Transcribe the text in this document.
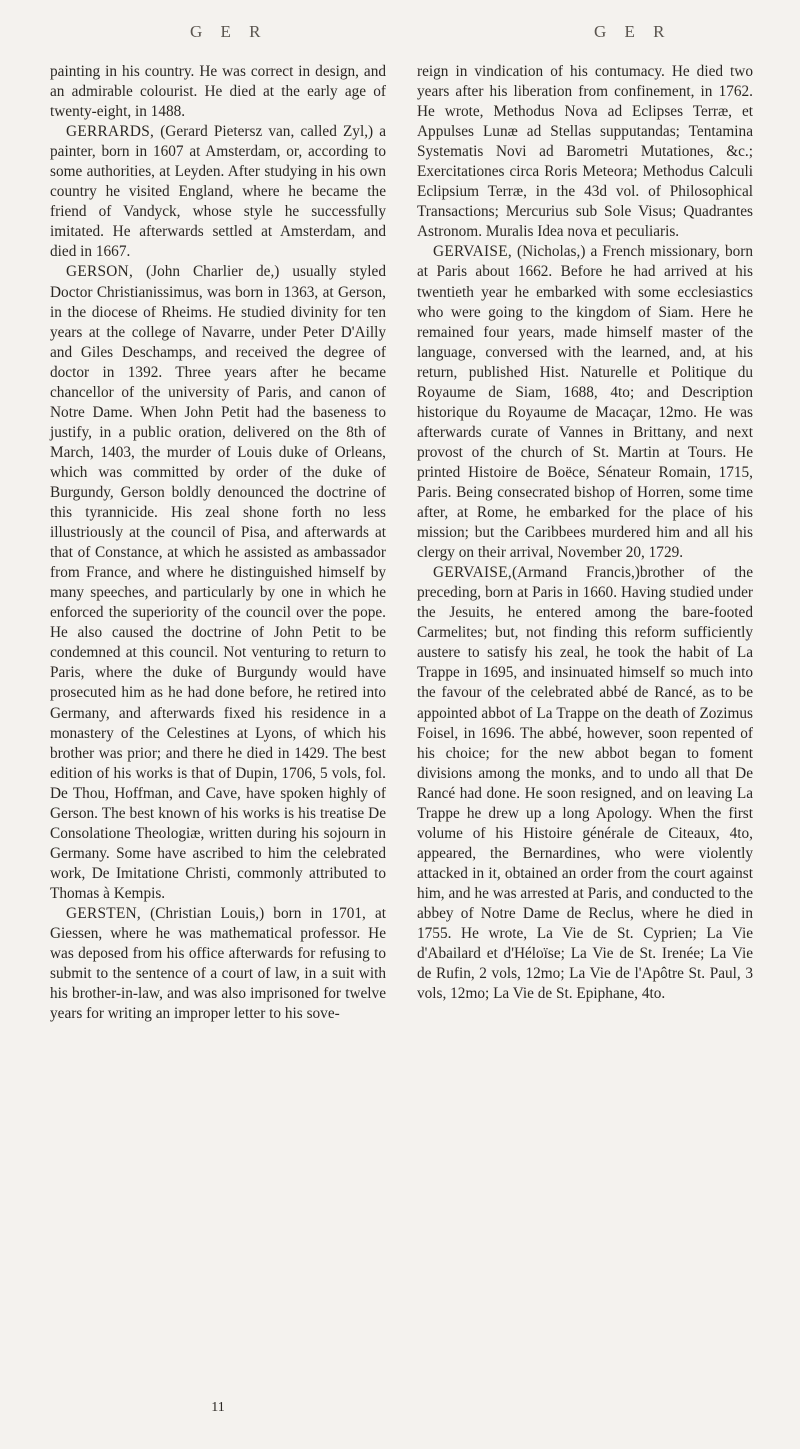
G E R	G E R

painting in his country. He was correct in design, and an admirable colourist. He died at the early age of twenty-eight, in 1488.

GERRARDS, (Gerard Pietersz van, called Zyl,) a painter, born in 1607 at Amsterdam, or, according to some authorities, at Leyden. After studying in his own country he visited England, where he became the friend of Vandyck, whose style he successfully imitated. He afterwards settled at Amsterdam, and died in 1667.

GERSON, (John Charlier de,) usually styled Doctor Christianissimus, was born in 1363, at Gerson, in the diocese of Rheims. He studied divinity for ten years at the college of Navarre, under Peter D'Ailly and Giles Deschamps, and received the degree of doctor in 1392. Three years after he became chancellor of the university of Paris, and canon of Notre Dame. When John Petit had the baseness to justify, in a public oration, delivered on the 8th of March, 1403, the murder of Louis duke of Orleans, which was committed by order of the duke of Burgundy, Gerson boldly denounced the doctrine of this tyrannicide. His zeal shone forth no less illustriously at the council of Pisa, and afterwards at that of Constance, at which he assisted as ambassador from France, and where he distinguished himself by many speeches, and particularly by one in which he enforced the superiority of the council over the pope. He also caused the doctrine of John Petit to be condemned at this council. Not venturing to return to Paris, where the duke of Burgundy would have prosecuted him as he had done before, he retired into Germany, and afterwards fixed his residence in a monastery of the Celestines at Lyons, of which his brother was prior; and there he died in 1429. The best edition of his works is that of Dupin, 1706, 5 vols, fol. De Thou, Hoffman, and Cave, have spoken highly of Gerson. The best known of his works is his treatise De Consolatione Theologiæ, written during his sojourn in Germany. Some have ascribed to him the celebrated work, De Imitatione Christi, commonly attributed to Thomas à Kempis.

GERSTEN, (Christian Louis,) born in 1701, at Giessen, where he was mathematical professor. He was deposed from his office afterwards for refusing to submit to the sentence of a court of law, in a suit with his brother-in-law, and was also imprisoned for twelve years for writing an improper letter to his sove-

11

reign in vindication of his contumacy. He died two years after his liberation from confinement, in 1762. He wrote, Methodus Nova ad Eclipses Terræ, et Appulses Lunæ ad Stellas supputandas; Tentamina Systematis Novi ad Barometri Mutationes, &c.; Exercitationes circa Roris Meteora; Methodus Calculi Eclipsium Terræ, in the 43d vol. of Philosophical Transactions; Mercurius sub Sole Visus; Quadrantes Astronom. Muralis Idea nova et peculiaris.

GERVAISE, (Nicholas,) a French missionary, born at Paris about 1662. Before he had arrived at his twentieth year he embarked with some ecclesiastics who were going to the kingdom of Siam. Here he remained four years, made himself master of the language, conversed with the learned, and, at his return, published Hist. Naturelle et Politique du Royaume de Siam, 1688, 4to; and Description historique du Royaume de Macaçar, 12mo. He was afterwards curate of Vannes in Brittany, and next provost of the church of St. Martin at Tours. He printed Histoire de Boëce, Sénateur Romain, 1715, Paris. Being consecrated bishop of Horren, some time after, at Rome, he embarked for the place of his mission; but the Caribbees murdered him and all his clergy on their arrival, November 20, 1729.

GERVAISE,(Armand Francis,)brother of the preceding, born at Paris in 1660. Having studied under the Jesuits, he entered among the bare-footed Carmelites; but, not finding this reform sufficiently austere to satisfy his zeal, he took the habit of La Trappe in 1695, and insinuated himself so much into the favour of the celebrated abbé de Rancé, as to be appointed abbot of La Trappe on the death of Zozimus Foisel, in 1696. The abbé, however, soon repented of his choice; for the new abbot began to foment divisions among the monks, and to undo all that De Rancé had done. He soon resigned, and on leaving La Trappe he drew up a long Apology. When the first volume of his Histoire générale de Citeaux, 4to, appeared, the Bernardines, who were violently attacked in it, obtained an order from the court against him, and he was arrested at Paris, and conducted to the abbey of Notre Dame de Reclus, where he died in 1755. He wrote, La Vie de St. Cyprien; La Vie d'Abailard et d'Héloïse; La Vie de St. Irenée; La Vie de Rufin, 2 vols, 12mo; La Vie de l'Apôtre St. Paul, 3 vols, 12mo; La Vie de St. Epiphane, 4to.
